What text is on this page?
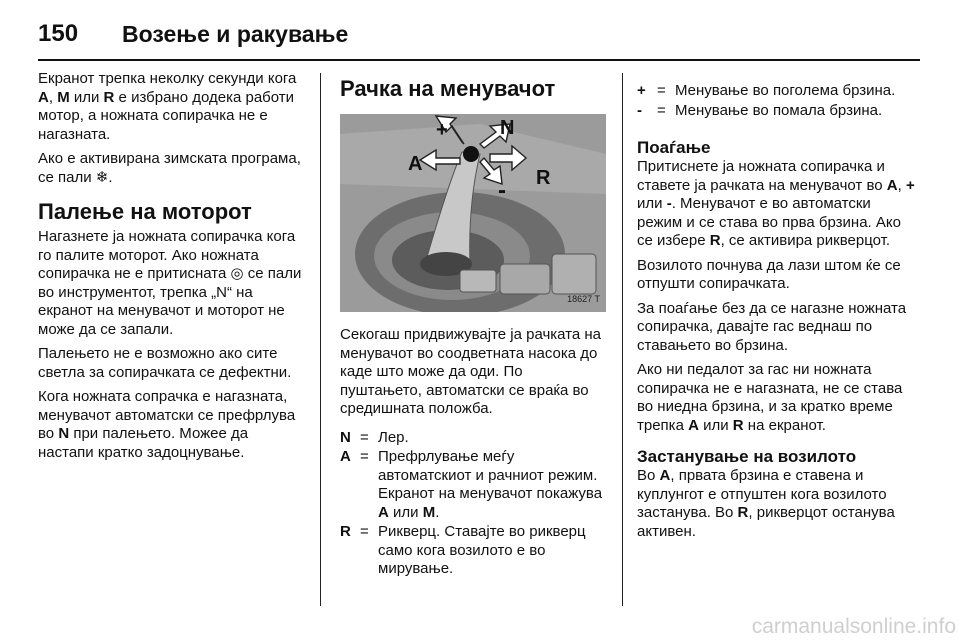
150 Возење и ракување

Екранот трепка неколку секунди кога A, M или R е избрано додека работи мотор, а ножната сопирачка не е нагазната.

Ако е активирана зимската програма, се пали ❄.

Палење на моторот

Нагазнете ја ножната сопирачка кога го палите моторот. Ако ножната сопирачка не е притисната ◎ се пали во инструментот, трепка „N“ на екранот на менувачот и моторот не може да се запали.

Палењето не е возможно ако сите светла за сопирачката се дефектни.

Кога ножната сопрачка е нагазната, менувачот автоматски се префрлува во N при палењето. Можее да настапи кратко задоцнување.

Рачка на менувачот
+	N
A
- R
18627 T

Секогаш придвижувајте ја рачката на менувачот во соодветната насока до каде што може да оди. По пуштањето, автоматски се враќа во средишната положба.

N = Лер.
A = Префрлување меѓу автоматскиот и рачниот режим. Екранот на менувачот покажува A или M.
R = Рикверц. Ставајте во рикверц само кога возилото е во мирување.
+ = Менување во поголема брзина.
-	= Менување во помала брзина.
Поаѓање

Притиснете ја ножната сопирачка и ставете ја рачката на менувачот во A, + или -. Менувачот е во автоматски режим и се става во прва брзина. Ако се избере R, се активира рикверцот.

Возилото почнува да лази штом ќе се отпушти сопирачката.

За поаѓање без да се нагазне ножната сопирачка, давајте гас веднаш по ставањето во брзина.

Ако ни педалот за гас ни ножната сопирачка не е нагазната, не се става во ниедна брзина, и за кратко време трепка A или R на екранот.

Застанување на возилото

Во A, првата брзина е ставена и куплунгот е отпуштен кога возилото застанува. Во R, рикверцот останува активен.

carmanualsonline.info
